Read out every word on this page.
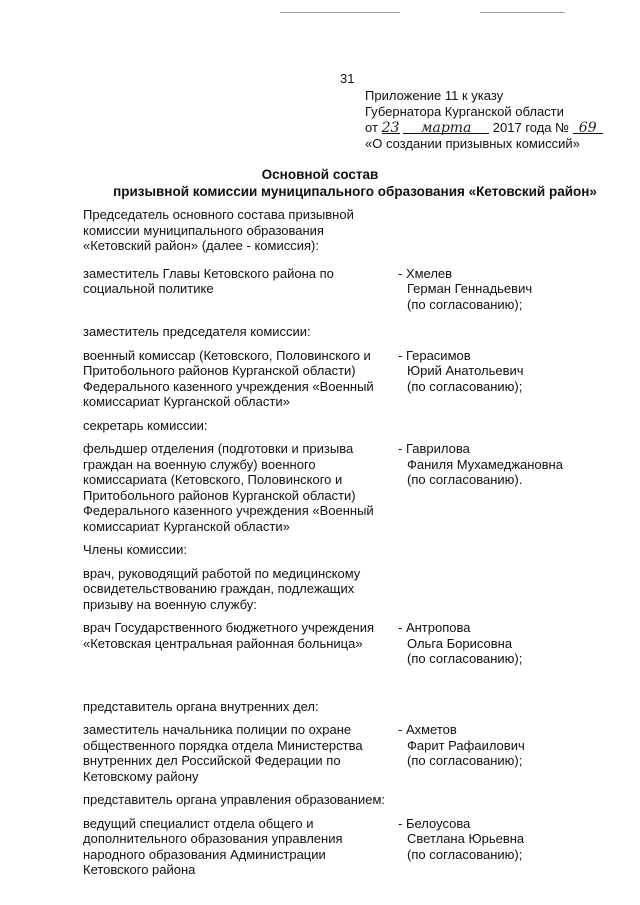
31
Приложение 11 к указу
Губернатора Курганской области
от 23 марта 2017 года № 69
«О создании призывных комиссий»
Основной состав
призывной комиссии муниципального образования «Кетовский район»
Председатель основного состава призывной комиссии муниципального образования «Кетовский район» (далее - комиссия):
заместитель Главы Кетовского района по социальной политике
- Хмелев
Герман Геннадьевич
(по согласованию);
заместитель председателя комиссии:
военный комиссар (Кетовского, Половинского и Притобольного районов Курганской области) Федерального казенного учреждения «Военный комиссариат Курганской области»
- Герасимов
Юрий Анатольевич
(по согласованию);
секретарь комиссии:
фельдшер отделения (подготовки и призыва граждан на военную службу) военного комиссариата (Кетовского, Половинского и Притобольного районов Курганской области) Федерального казенного учреждения «Военный комиссариат Курганской области»
- Гаврилова
Фаниля Мухамеджановна
(по согласованию).
Члены комиссии:
врач, руководящий работой по медицинскому освидетельствованию граждан, подлежащих призыву на военную службу:
врач Государственного бюджетного учреждения «Кетовская центральная районная больница»
- Антропова
Ольга Борисовна
(по согласованию);
представитель органа внутренних дел:
заместитель начальника полиции по охране общественного порядка отдела Министерства внутренних дел Российской Федерации по Кетовскому району
- Ахметов
Фарит Рафаилович
(по согласованию);
представитель органа управления образованием:
ведущий специалист отдела общего и дополнительного образования управления народного образования Администрации Кетовского района
- Белоусова
Светлана Юрьевна
(по согласованию);
